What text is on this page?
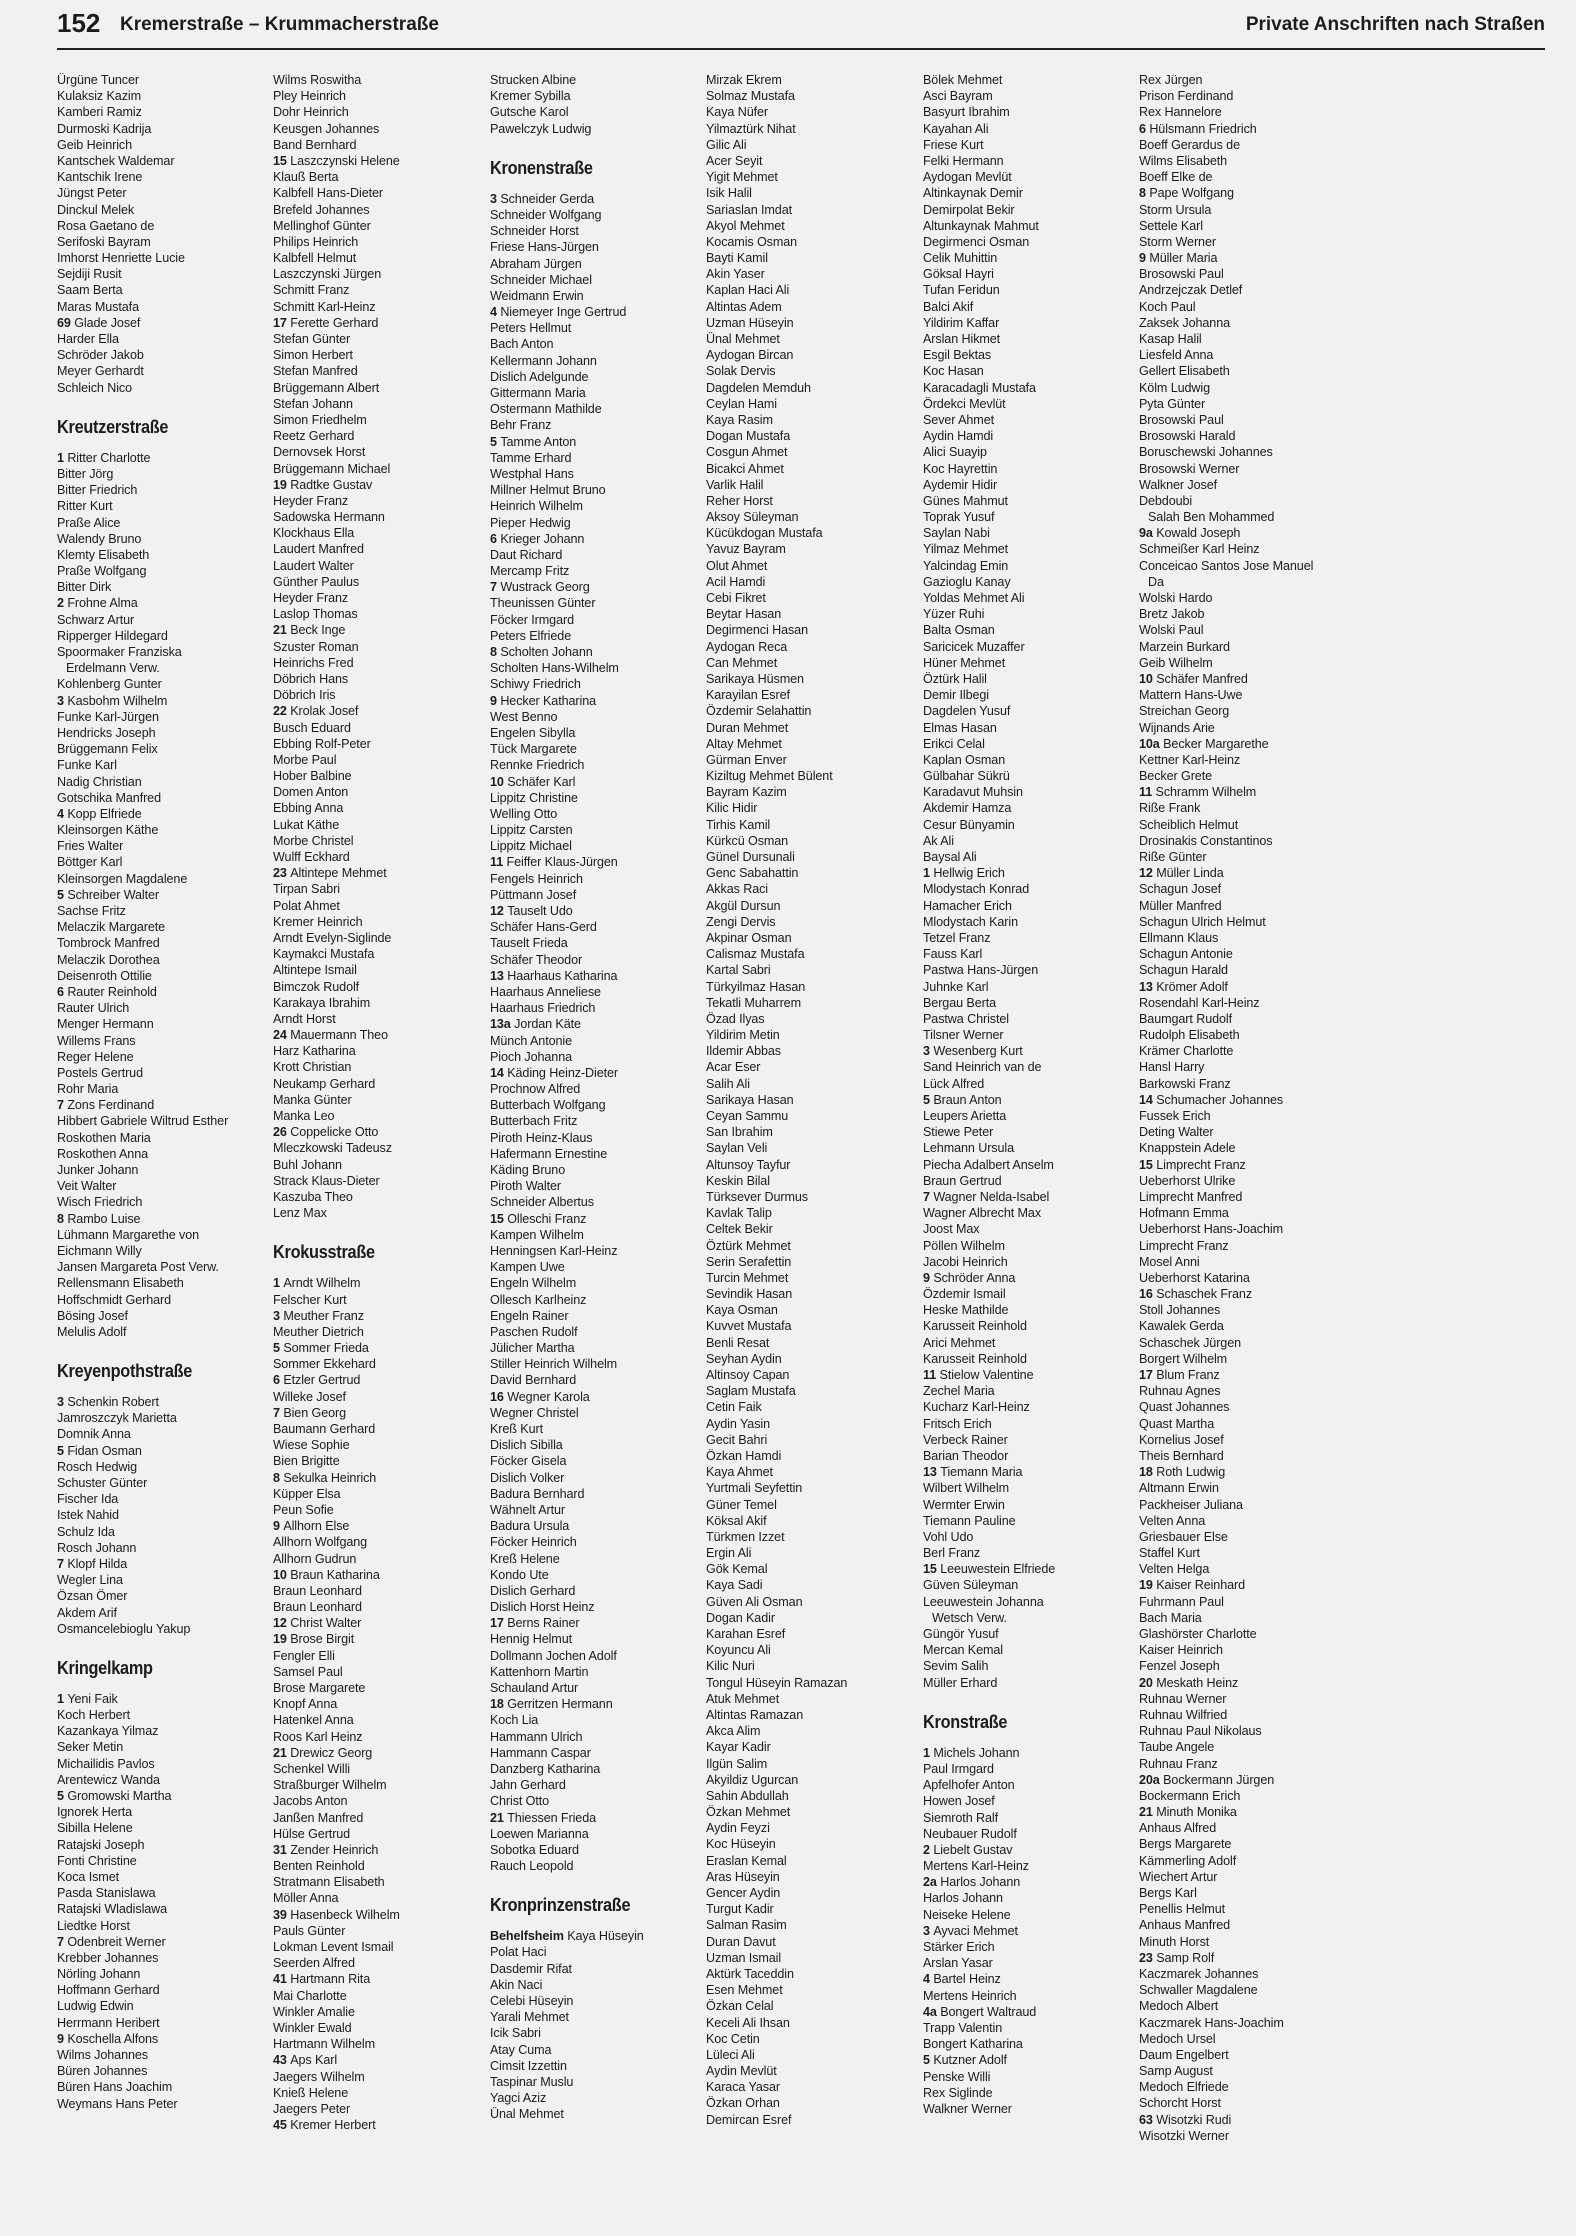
152 Kremerstraße – Krummacherstraße	Private Anschriften nach Straßen
Ürgüne Tuncer
Kulaksiz Kazim
Kamberi Ramiz
Durmoski Kadrija
Geib Heinrich
Kantschek Waldemar
Kantschik Irene
Jüngst Peter
Dinckul Melek
Rosa Gaetano de
Serifoski Bayram
Imhorst Henriette Lucie
Sejdiji Rusit
Saam Berta
Maras Mustafa
69 Glade Josef
Harder Ella
Schröder Jakob
Meyer Gerhardt
Schleich Nico
Kreutzerstraße
1 Ritter Charlotte
Bitter Jörg
Bitter Friedrich
Ritter Kurt
Praße Alice
Walendy Bruno
Klemty Elisabeth
Praße Wolfgang
Bitter Dirk
2 Frohne Alma
Schwarz Artur
Ripperger Hildegard
Spoormaker Franziska
Erdelmann Verw.
Kohlenberg Gunter
3 Kasbohm Wilhelm
Funke Karl-Jürgen
Hendricks Joseph
Brüggemann Felix
Funke Karl
Nadig Christian
Gotschika Manfred
4 Kopp Elfriede
Kleinsorgen Käthe
Fries Walter
Böttger Karl
Kleinsorgen Magdalene
5 Schreiber Walter
Sachse Fritz
Melaczik Margarete
Tombrock Manfred
Melaczik Dorothea
Deisenroth Ottilie
6 Rauter Reinhold
Rauter Ulrich
Menger Hermann
Willems Frans
Reger Helene
Postels Gertrud
Rohr Maria
7 Zons Ferdinand
Hibbert Gabriele Wiltrud Esther
Roskothen Maria
Roskothen Anna
Junker Johann
Veit Walter
Wisch Friedrich
8 Rambo Luise
Lühmann Margarethe von
Eichmann Willy
Jansen Margareta Post Verw.
Rellensmann Elisabeth
Hoffschmidt Gerhard
Bösing Josef
Melulis Adolf
Kreyenpothstraße
3 Schenkin Robert
Jamroszczyk Marietta
Domnik Anna
5 Fidan Osman
Rosch Hedwig
Schuster Günter
Fischer Ida
Istek Nahid
Schulz Ida
Rosch Johann
7 Klopf Hilda
Wegler Lina
Özsan Ömer
Akdem Arif
Osmancelebioglu Yakup
Kringelkamp
1 Yeni Faik
Koch Herbert
Kazankaya Yilmaz
Seker Metin
Michailidis Pavlos
Arentewicz Wanda
5 Gromowski Martha
Ignorek Herta
Sibilla Helene
Ratajski Joseph
Fonti Christine
Koca Ismet
Pasda Stanislawa
Ratajski Wladislawa
Liedtke Horst
7 Odenbreit Werner
Krebber Johannes
Nörling Johann
Hoffmann Gerhard
Ludwig Edwin
Herrmann Heribert
9 Koschella Alfons
Wilms Johannes
Büren Johannes
Büren Hans Joachim
Weymans Hans Peter
Wilms Roswitha
Pley Heinrich
Dohr Heinrich
Keusgen Johannes
Band Bernhard
15 Laszczynski Helene
Klauß Berta
Kalbfell Hans-Dieter
Brefeld Johannes
Mellinghof Günter
Philips Heinrich
Kalbfell Helmut
Laszczynski Jürgen
Schmitt Franz
Schmitt Karl-Heinz
17 Ferette Gerhard
Stefan Günter
Simon Herbert
Stefan Manfred
Brüggemann Albert
Stefan Johann
Simon Friedhelm
Reetz Gerhard
Dernovsek Horst
Brüggemann Michael
19 Radtke Gustav
Heyder Franz
Sadowska Hermann
Klockhaus Ella
Laudert Manfred
Laudert Walter
Günther Paulus
Heyder Franz
Laslop Thomas
21 Beck Inge
Szuster Roman
Heinrichs Fred
Döbrich Hans
Döbrich Iris
22 Krolak Josef
Busch Eduard
Ebbing Rolf-Peter
Morbe Paul
Hober Balbine
Domen Anton
Ebbing Anna
Lukat Käthe
Morbe Christel
Wulff Eckhard
23 Altintepe Mehmet
Tirpan Sabri
Polat Ahmet
Kremer Heinrich
Arndt Evelyn-Siglinde
Kaymakci Mustafa
Altintepe Ismail
Bimczok Rudolf
Karakaya Ibrahim
Arndt Horst
24 Mauermann Theo
Harz Katharina
Krott Christian
Neukamp Gerhard
Manka Günter
Manka Leo
26 Coppelicke Otto
Mleczkowski Tadeusz
Buhl Johann
Strack Klaus-Dieter
Kaszuba Theo
Lenz Max
Krokusstraße
1 Arndt Wilhelm
Felscher Kurt
3 Meuther Franz
Meuther Dietrich
5 Sommer Frieda
Sommer Ekkehard
6 Etzler Gertrud
Willeke Josef
7 Bien Georg
Baumann Gerhard
Wiese Sophie
Bien Brigitte
8 Sekulka Heinrich
Küpper Elsa
Peun Sofie
9 Allhorn Else
Allhorn Wolfgang
Allhorn Gudrun
10 Braun Katharina
Braun Leonhard
Braun Leonhard
12 Christ Walter
19 Brose Birgit
Fengler Elli
Samsel Paul
Brose Margarete
Knopf Anna
Hatenkel Anna
Roos Karl Heinz
21 Drewicz Georg
Schenkel Willi
Straßburger Wilhelm
Jacobs Anton
Janßen Manfred
Hülse Gertrud
31 Zender Heinrich
Benten Reinhold
Stratmann Elisabeth
Möller Anna
39 Hasenbeck Wilhelm
Pauls Günter
Lokman Levent Ismail
Seerden Alfred
41 Hartmann Rita
Mai Charlotte
Winkler Amalie
Winkler Ewald
Hartmann Wilhelm
43 Aps Karl
Jaegers Wilhelm
Knieß Helene
Jaegers Peter
45 Kremer Herbert
Strucken Albine
Kremer Sybilla
Gutsche Karol
Pawelczyk Ludwig
Kronenstraße
3 Schneider Gerda
Schneider Wolfgang
Schneider Horst
Friese Hans-Jürgen
Abraham Jürgen
Schneider Michael
Weidmann Erwin
4 Niemeyer Inge Gertrud
Peters Hellmut
Bach Anton
Kellermann Johann
Dislich Adelgunde
Gittermann Maria
Ostermann Mathilde
Behr Franz
5 Tamme Anton
Tamme Erhard
Westphal Hans
Millner Helmut Bruno
Heinrich Wilhelm
Pieper Hedwig
6 Krieger Johann
Daut Richard
Mercamp Fritz
7 Wustrack Georg
Theunissen Günter
Föcker Irmgard
Peters Elfriede
8 Scholten Johann
Scholten Hans-Wilhelm
Schiwy Friedrich
9 Hecker Katharina
West Benno
Engelen Sibylla
Tück Margarete
Rennke Friedrich
10 Schäfer Karl
Lippitz Christine
Welling Otto
Lippitz Carsten
Lippitz Michael
11 Feiffer Klaus-Jürgen
Fengels Heinrich
Püttmann Josef
12 Tauselt Udo
Schäfer Hans-Gerd
Tauselt Frieda
Schäfer Theodor
13 Haarhaus Katharina
Haarhaus Anneliese
Haarhaus Friedrich
13a Jordan Käte
Münch Antonie
Pioch Johanna
14 Käding Heinz-Dieter
Prochnow Alfred
Butterbach Wolfgang
Butterbach Fritz
Piroth Heinz-Klaus
Hafermann Ernestine
Käding Bruno
Piroth Walter
Schneider Albertus
15 Olleschi Franz
Kampen Wilhelm
Henningsen Karl-Heinz
Kampen Uwe
Engeln Wilhelm
Ollesch Karlheinz
Engeln Rainer
Paschen Rudolf
Jülicher Martha
Stiller Heinrich Wilhelm
David Bernhard
16 Wegner Karola
Wegner Christel
Kreß Kurt
Dislich Sibilla
Föcker Gisela
Dislich Volker
Badura Bernhard
Wähnelt Artur
Badura Ursula
Föcker Heinrich
Kreß Helene
Kondo Ute
Dislich Gerhard
Dislich Horst Heinz
17 Berns Rainer
Hennig Helmut
Dollmann Jochen Adolf
Kattenhorn Martin
Schauland Artur
18 Gerritzen Hermann
Koch Lia
Hammann Ulrich
Hammann Caspar
Danzberg Katharina
Jahn Gerhard
Christ Otto
21 Thiessen Frieda
Loewen Marianna
Sobotka Eduard
Rauch Leopold
Kronprinzenstraße
Behelfsheim Kaya Hüseyin
Polat Haci
Dasdemir Rifat
Akin Naci
Celebi Hüseyin
Yarali Mehmet
Icik Sabri
Atay Cuma
Cimsit Izzettin
Taspinar Muslu
Yagci Aziz
Ünal Mehmet
Mirzak Ekrem
Solmaz Mustafa
Kaya Nüfer
Yilmaztürk Nihat
Gilic Ali
Acer Seyit
Yigit Mehmet
Isik Halil
Sariaslan Imdat
Akyol Mehmet
Kocamis Osman
Bayti Kamil
Akin Yaser
Kaplan Haci Ali
Altintas Adem
Uzman Hüseyin
Ünal Mehmet
Aydogan Bircan
Solak Dervis
Dagdelen Memduh
Ceylan Hami
Kaya Rasim
Dogan Mustafa
Cosgun Ahmet
Bicakci Ahmet
Varlik Halil
Reher Horst
Aksoy Süleyman
Kücükdogan Mustafa
Yavuz Bayram
Olut Ahmet
Acil Hamdi
Cebi Fikret
Beytar Hasan
Degirmenci Hasan
Aydogan Reca
Can Mehmet
Sarikaya Hüsmen
Karayilan Esref
Özdemir Selahattin
Duran Mehmet
Altay Mehmet
Gürman Enver
Kiziltug Mehmet Bülent
Bayram Kazim
Kilic Hidir
Tirhis Kamil
Kürkcü Osman
Günel Dursunali
Genc Sabahattin
Akkas Raci
Akgül Dursun
Zengi Dervis
Akpinar Osman
Calismaz Mustafa
Kartal Sabri
Türkyilmaz Hasan
Tekatli Muharrem
Özad Ilyas
Yildirim Metin
Ildemir Abbas
Acar Eser
Salih Ali
Sarikaya Hasan
Ceyan Sammu
San Ibrahim
Saylan Veli
Altunsoy Tayfur
Keskin Bilal
Türksever Durmus
Kavlak Talip
Celtek Bekir
Öztürk Mehmet
Serin Serafettin
Turcin Mehmet
Sevindik Hasan
Kaya Osman
Kuvvet Mustafa
Benli Resat
Seyhan Aydin
Altinsoy Capan
Saglam Mustafa
Cetin Faik
Aydin Yasin
Gecit Bahri
Özkan Hamdi
Kaya Ahmet
Yurtmali Seyfettin
Güner Temel
Köksal Akif
Türkmen Izzet
Ergin Ali
Gök Kemal
Kaya Sadi
Güven Ali Osman
Dogan Kadir
Karahan Esref
Koyuncu Ali
Kilic Nuri
Tongul Hüseyin Ramazan
Atuk Mehmet
Altintas Ramazan
Akca Alim
Kayar Kadir
Ilgün Salim
Akyildiz Ugurcan
Sahin Abdullah
Özkan Mehmet
Aydin Feyzi
Koc Hüseyin
Eraslan Kemal
Aras Hüseyin
Gencer Aydin
Turgut Kadir
Salman Rasim
Duran Davut
Uzman Ismail
Aktürk Taceddin
Esen Mehmet
Özkan Celal
Keceli Ali Ihsan
Koc Cetin
Lüleci Ali
Aydin Mevlüt
Karaca Yasar
Özkan Orhan
Demircan Esref
Bölek Mehmet
Asci Bayram
Basyurt Ibrahim
Kayahan Ali
Friese Kurt
Felki Hermann
Aydogan Mevlüt
Altinkaynak Demir
Demirpolat Bekir
Altunkaynak Mahmut
Degirmenci Osman
Celik Muhittin
Göksal Hayri
Tufan Feridun
Balci Akif
Yildirim Kaffar
Arslan Hikmet
Esgil Bektas
Koc Hasan
Karacadagli Mustafa
Ördekci Mevlüt
Sever Ahmet
Aydin Hamdi
Alici Suayip
Koc Hayrettin
Aydemir Hidir
Günes Mahmut
Toprak Yusuf
Saylan Nabi
Yilmaz Mehmet
Yalcindag Emin
Gazioglu Kanay
Yoldas Mehmet Ali
Yüzer Ruhi
Balta Osman
Saricicek Muzaffer
Hüner Mehmet
Öztürk Halil
Demir Ilbegi
Dagdelen Yusuf
Elmas Hasan
Erikci Celal
Kaplan Osman
Gülbahar Sükrü
Karadavut Muhsin
Akdemir Hamza
Cesur Bünyamin
Ak Ali
Baysal Ali
1 Hellwig Erich
Mlodystach Konrad
Hamacher Erich
Mlodystach Karin
Tetzel Franz
Fauss Karl
Pastwa Hans-Jürgen
Juhnke Karl
Bergau Berta
Pastwa Christel
Tilsner Werner
3 Wesenberg Kurt
Sand Heinrich van de
Lück Alfred
5 Braun Anton
Leupers Arietta
Stiewe Peter
Lehmann Ursula
Piecha Adalbert Anselm
Braun Gertrud
7 Wagner Nelda-Isabel
Wagner Albrecht Max
Joost Max
Pöllen Wilhelm
Jacobi Heinrich
9 Schröder Anna
Özdemir Ismail
Heske Mathilde
Karusseit Reinhold
Arici Mehmet
Karusseit Reinhold
11 Stielow Valentine
Zechel Maria
Kucharz Karl-Heinz
Fritsch Erich
Verbeck Rainer
Barian Theodor
13 Tiemann Maria
Wilbert Wilhelm
Wermter Erwin
Tiemann Pauline
Vohl Udo
Berl Franz
15 Leeuwestein Elfriede
Güven Süleyman
Leeuwestein Johanna
Wetsch Verw.
Güngör Yusuf
Mercan Kemal
Sevim Salih
Müller Erhard
Kronstraße
1 Michels Johann
Paul Irmgard
Apfelhofer Anton
Howen Josef
Siemroth Ralf
Neubauer Rudolf
2 Liebelt Gustav
Mertens Karl-Heinz
2a Harlos Johann
Harlos Johann
Neiseke Helene
3 Ayvaci Mehmet
Stärker Erich
Arslan Yasar
4 Bartel Heinz
Mertens Heinrich
4a Bongert Waltraud
Trapp Valentin
Bongert Katharina
5 Kutzner Adolf
Penske Willi
Rex Siglinde
Walkner Werner
Rex Jürgen
Prison Ferdinand
Rex Hannelore
6 Hülsmann Friedrich
Boeff Gerardus de
Wilms Elisabeth
Boeff Elke de
8 Pape Wolfgang
Storm Ursula
Settele Karl
Storm Werner
9 Müller Maria
Brosowski Paul
Andrzejczak Detlef
Koch Paul
Zaksek Johanna
Kasap Halil
Liesfeld Anna
Gellert Elisabeth
Kölm Ludwig
Pyta Günter
Brosowski Paul
Brosowski Harald
Boruschewski Johannes
Brosowski Werner
Walkner Josef
Debdoubi
Salah Ben Mohammed
9a Kowald Joseph
Schmeißer Karl Heinz
Conceicao Santos Jose Manuel
Da
Wolski Hardo
Bretz Jakob
Wolski Paul
Marzein Burkard
Geib Wilhelm
10 Schäfer Manfred
Mattern Hans-Uwe
Streichan Georg
Wijnands Arie
10a Becker Margarethe
Kettner Karl-Heinz
Becker Grete
11 Schramm Wilhelm
Riße Frank
Scheiblich Helmut
Drosinakis Constantinos
Riße Günter
12 Müller Linda
Schagun Josef
Müller Manfred
Schagun Ulrich Helmut
Ellmann Klaus
Schagun Antonie
Schagun Harald
13 Krömer Adolf
Rosendahl Karl-Heinz
Baumgart Rudolf
Rudolph Elisabeth
Krämer Charlotte
Hansl Harry
Barkowski Franz
14 Schumacher Johannes
Fussek Erich
Deting Walter
Knappstein Adele
15 Limprecht Franz
Ueberhorst Ulrike
Limprecht Manfred
Hofmann Emma
Ueberhorst Hans-Joachim
Limprecht Franz
Mosel Anni
Ueberhorst Katarina
16 Schaschek Franz
Stoll Johannes
Kawalek Gerda
Schaschek Jürgen
Borgert Wilhelm
17 Blum Franz
Ruhnau Agnes
Quast Johannes
Quast Martha
Kornelius Josef
Theis Bernhard
18 Roth Ludwig
Altmann Erwin
Packheiser Juliana
Velten Anna
Griesbauer Else
Staffel Kurt
Velten Helga
19 Kaiser Reinhard
Fuhrmann Paul
Bach Maria
Glashörster Charlotte
Kaiser Heinrich
Fenzel Joseph
20 Meskath Heinz
Ruhnau Werner
Ruhnau Wilfried
Ruhnau Paul Nikolaus
Taube Angele
Ruhnau Franz
20a Bockermann Jürgen
Bockermann Erich
21 Minuth Monika
Anhaus Alfred
Bergs Margarete
Kämmerling Adolf
Wiechert Artur
Bergs Karl
Penellis Helmut
Anhaus Manfred
Minuth Horst
23 Samp Rolf
Kaczmarek Johannes
Schwaller Magdalene
Medoch Albert
Kaczmarek Hans-Joachim
Medoch Ursel
Daum Engelbert
Samp August
Medoch Elfriede
Schorcht Horst
63 Wisotzki Rudi
Wisotzki Werner
